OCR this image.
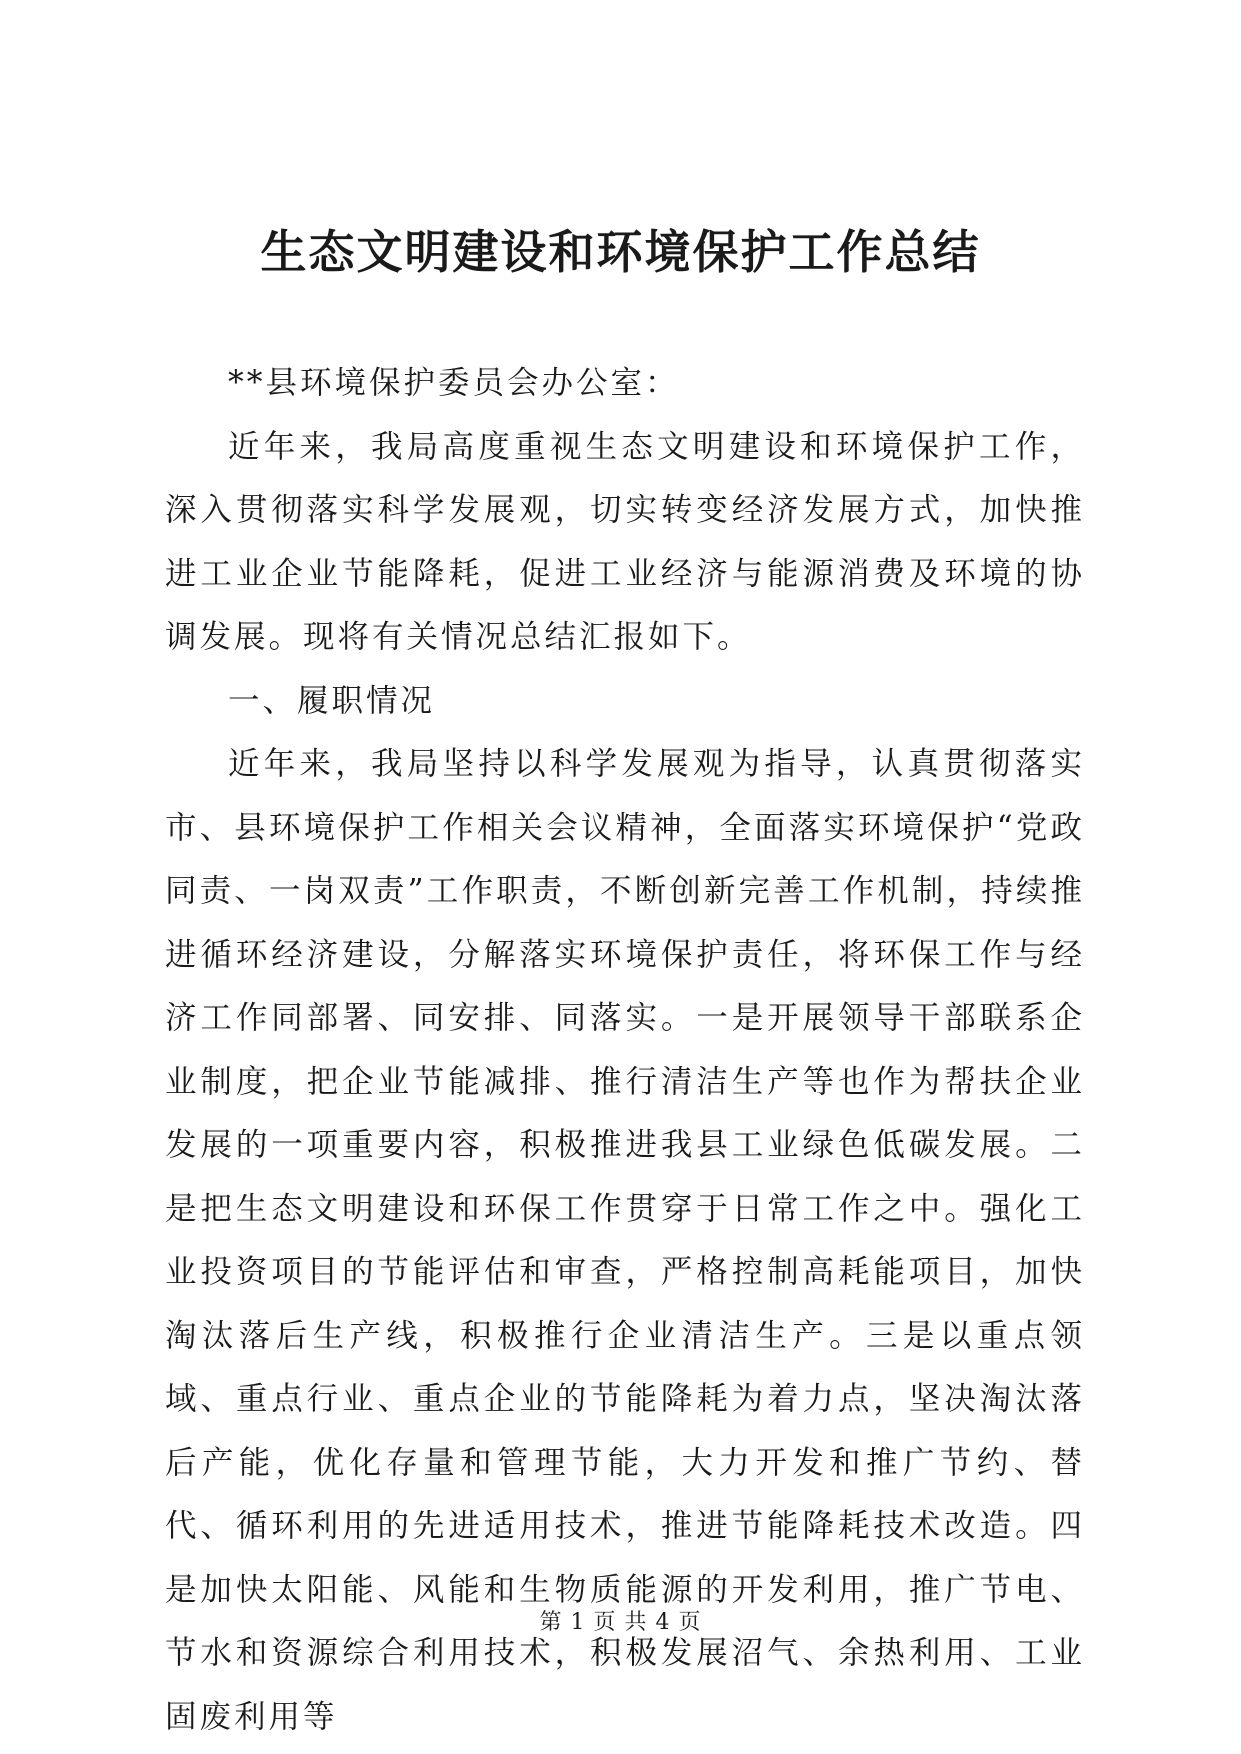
生态文明建设和环境保护工作总结

**县环境保护委员会办公室：

近年来，我局高度重视生态文明建设和环境保护工作，深入贯彻落实科学发展观，切实转变经济发展方式，加快推进工业企业节能降耗，促进工业经济与能源消费及环境的协调发展。现将有关情况总结汇报如下。

一、履职情况

近年来，我局坚持以科学发展观为指导，认真贯彻落实市、县环境保护工作相关会议精神，全面落实环境保护“党政同责、一岗双责”工作职责，不断创新完善工作机制，持续推进循环经济建设，分解落实环境保护责任，将环保工作与经济工作同部署、同安排、同落实。一是开展领导干部联系企业制度，把企业节能减排、推行清洁生产等也作为帮扶企业发展的一项重要内容，积极推进我县工业绿色低碳发展。二是把生态文明建设和环保工作贯穿于日常工作之中。强化工业投资项目的节能评估和审查，严格控制高耗能项目，加快淘汰落后生产线，积极推行企业清洁生产。三是以重点领域、重点行业、重点企业的节能降耗为着力点，坚决淘汰落后产能，优化存量和管理节能，大力开发和推广节约、替代、循环利用的先进适用技术，推进节能降耗技术改造。四是加快太阳能、风能和生物质能源的开发利用，推广节电、节水和资源综合利用技术，积极发展沼气、余热利用、工业固废利用等

第 1 页 共 4 页
